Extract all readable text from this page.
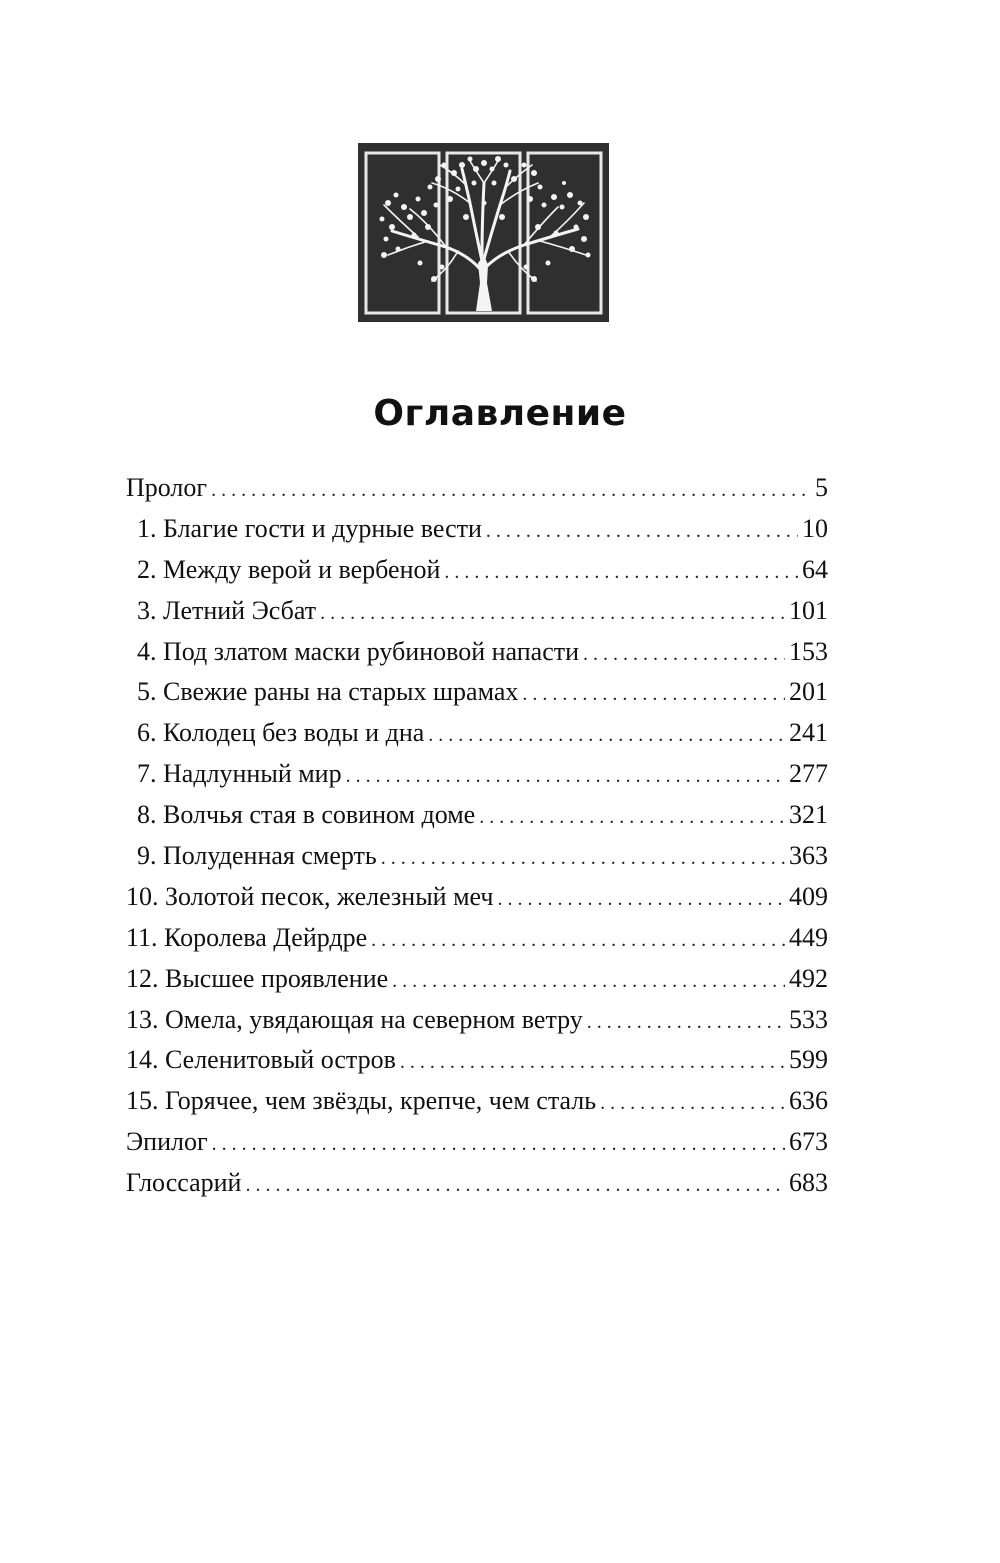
Оглавление
Пролог . . .	5
1. Благие гости и дурные вести . . .	10
2. Между верой и вербеной . . .	64
3. Летний Эсбат . . .	101
4. Под златом маски рубиновой напасти . . .	153
5. Свежие раны на старых шрамах . . .	201
6. Колодец без воды и дна . . .	241
7. Надлунный мир . . .	277
8. Волчья стая в совином доме . . .	321
9. Полуденная смерть . . .	363
10. Золотой песок, железный меч . . .	409
11. Королева Дейрдре . . .	449
12. Высшее проявление . . .	492
13. Омела, увядающая на северном ветру . . .	533
14. Селенитовый остров . . .	599
15. Горячее, чем звёзды, крепче, чем сталь . . .	636
Эпилог . . .	673
Глоссарий . . .	683
